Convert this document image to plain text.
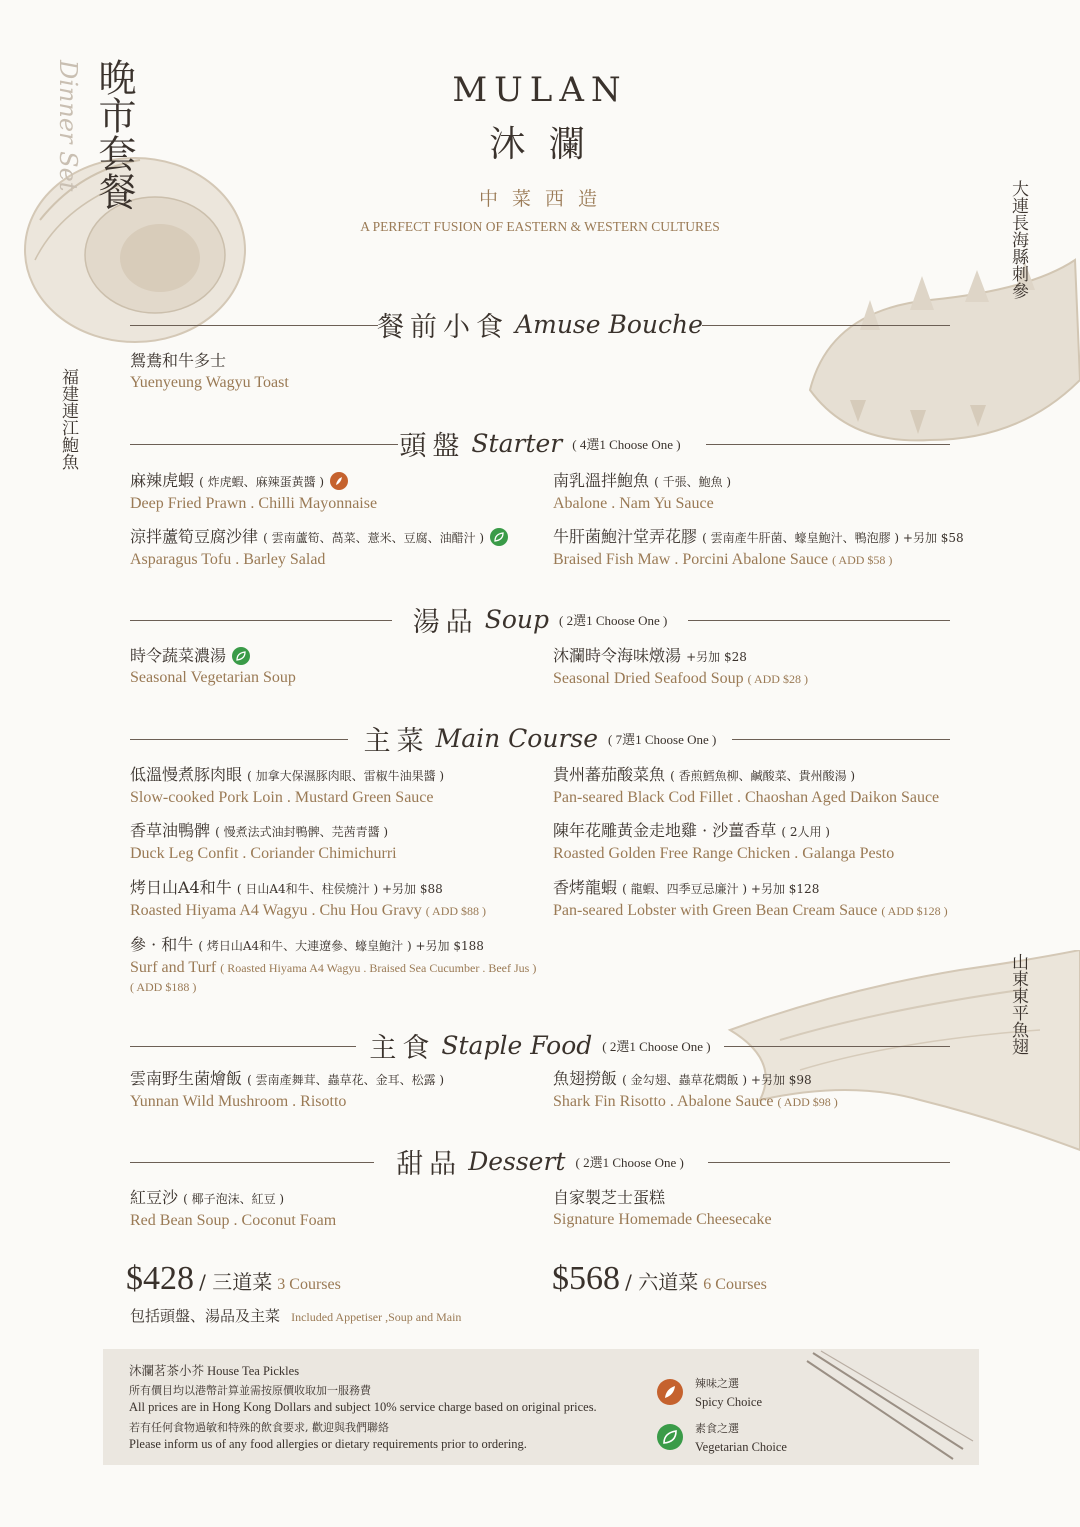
晚市套餐
Dinner Set
福建連江鮑魚
大連長海縣刺參
山東東平魚翅
MULAN
沐 瀾
中 菜 西 造
A PERFECT FUSION OF EASTERN & WESTERN CULTURES
餐前小食 Amuse Bouche
鴛鴦和牛多士
Yuenyeung Wagyu Toast
頭盤 Starter ( 4選1 Choose One )
麻辣虎蝦 ( 炸虎蝦、麻辣蛋黃醬 )
Deep Fried Prawn . Chilli Mayonnaise
南乳溫拌鮑魚 ( 千張、鮑魚 )
Abalone . Nam Yu Sauce
涼拌蘆筍豆腐沙律 ( 雲南蘆筍、萵菜、薏米、豆腐、油醋汁 )
Asparagus Tofu . Barley Salad
牛肝菌鮑汁堂弄花膠 ( 雲南產牛肝菌、蠔皇鮑汁、鴨泡膠 ) +另加 $58
Braised Fish Maw . Porcini Abalone Sauce ( ADD $58 )
湯品 Soup ( 2選1 Choose One )
時令蔬菜濃湯
Seasonal Vegetarian Soup
沐瀾時令海味燉湯 +另加 $28
Seasonal Dried Seafood Soup ( ADD $28 )
主菜 Main Course ( 7選1 Choose One )
低溫慢煮豚肉眼 ( 加拿大保濕豚肉眼、雷椒牛油果醬 )
Slow-cooked Pork Loin . Mustard Green Sauce
貴州蕃茄酸菜魚 ( 香煎鱈魚柳、鹹酸菜、貴州酸湯 )
Pan-seared Black Cod Fillet . Chaoshan Aged Daikon Sauce
香草油鴨髀 ( 慢煮法式油封鴨髀、芫茜青醬 )
Duck Leg Confit . Coriander Chimichurri
陳年花雕黃金走地雞 · 沙薑香草 ( 2人用 )
Roasted Golden Free Range Chicken . Galanga Pesto
烤日山A4和牛 ( 日山A4和牛、柱侯燒汁 ) +另加 $88
Roasted Hiyama A4 Wagyu . Chu Hou Gravy ( ADD $88 )
香烤龍蝦 ( 龍蝦、四季豆忌廉汁 ) +另加 $128
Pan-seared Lobster with Green Bean Cream Sauce ( ADD $128 )
參 · 和牛 ( 烤日山A4和牛、大連遼參、蠔皇鮑汁 ) +另加 $188
Surf and Turf ( Roasted Hiyama A4 Wagyu . Braised Sea Cucumber . Beef Jus )
( ADD $188 )
主食 Staple Food ( 2選1 Choose One )
雲南野生菌燴飯 ( 雲南產舞茸、蟲草花、金耳、松露 )
Yunnan Wild Mushroom . Risotto
魚翅撈飯 ( 金勾翅、蟲草花燜飯 ) +另加 $98
Shark Fin Risotto . Abalone Sauce ( ADD $98 )
甜品 Dessert ( 2選1 Choose One )
紅豆沙 ( 椰子泡沫、紅豆 )
Red Bean Soup . Coconut Foam
自家製芝士蛋糕
Signature Homemade Cheesecake
$428 / 三道菜 3 Courses
包括頭盤、湯品及主菜 Included Appetiser ,Soup and Main
$568 / 六道菜 6 Courses
沐瀾茗茶小芥 House Tea Pickles
所有價目均以港幣計算並需按原價收取加一服務費
All prices are in Hong Kong Dollars and subject 10% service charge based on original prices.
若有任何食物過敏和特殊的飲食要求, 歡迎與我們聯絡
Please inform us of any food allergies or dietary requirements prior to ordering.
辣味之選
Spicy Choice
素食之選
Vegetarian Choice
